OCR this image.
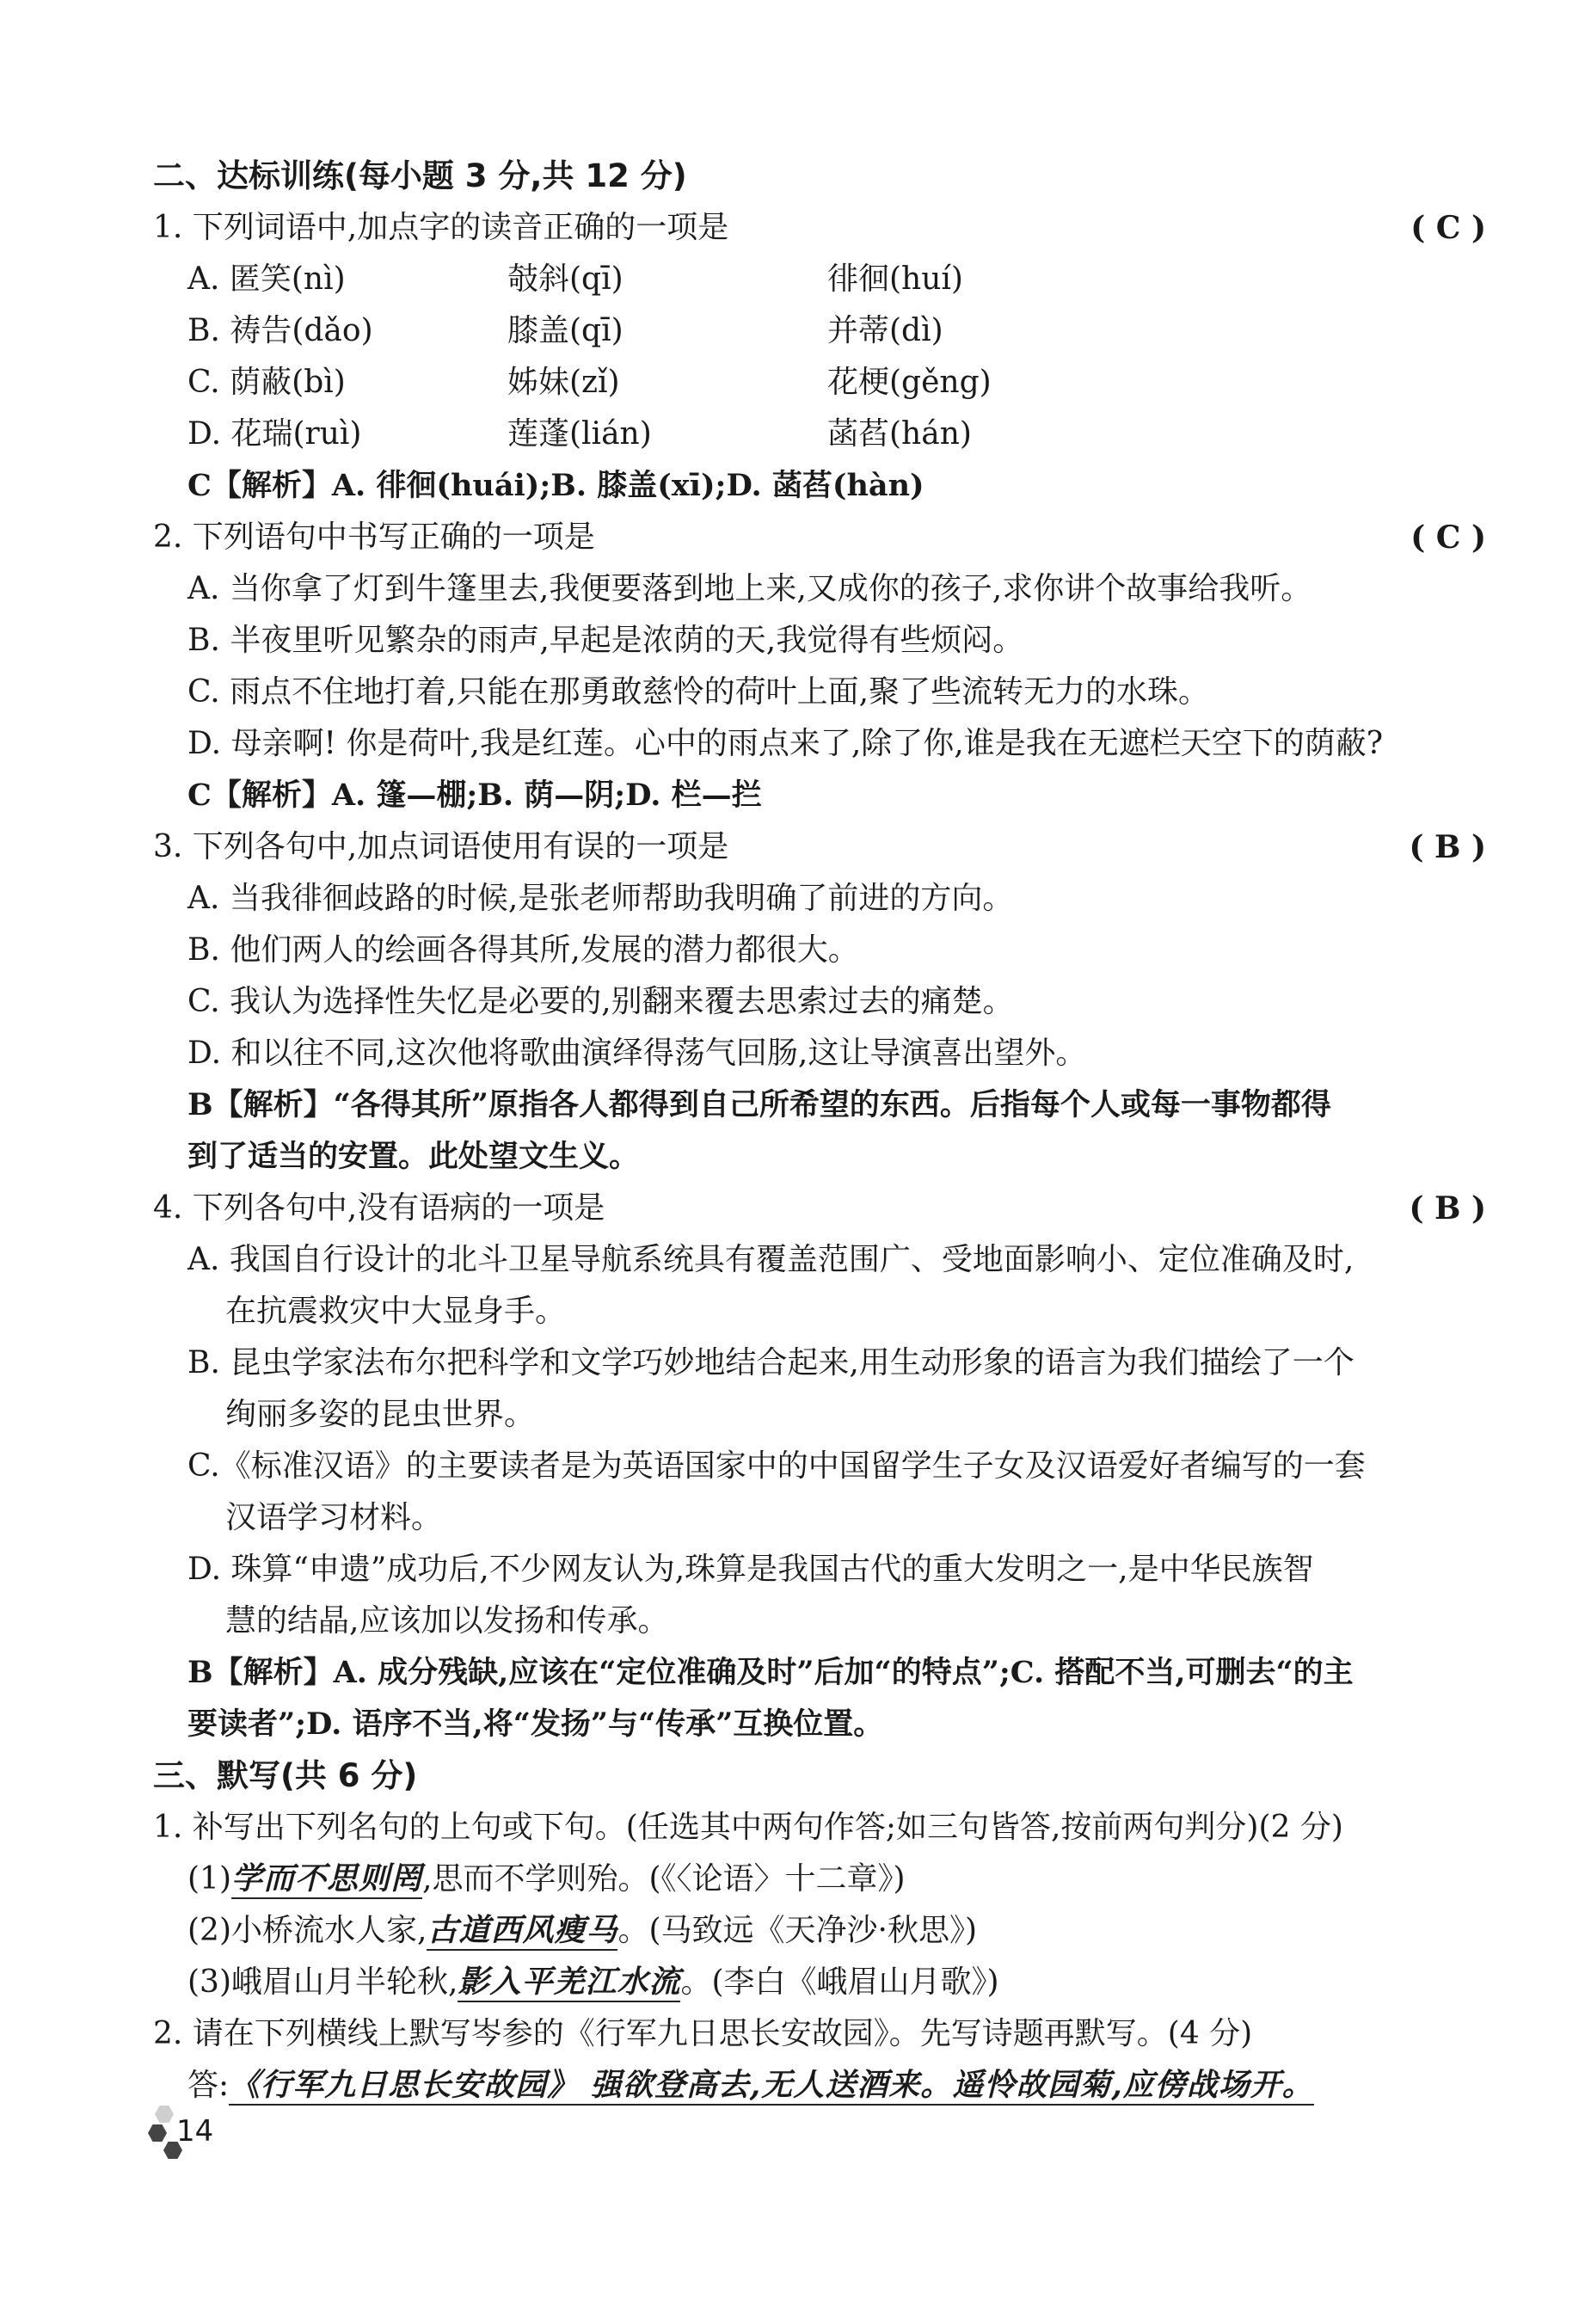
二、达标训练(每小题 3 分,共 12 分)
1. 下列词语中,加点字的读音正确的一项是	( C )
A. 匿笑(nì)	攲斜(qī)	徘徊(huí)
B. 祷告(dǎo)	膝盖(qī)	并蒂(dì)
C. 荫蔽(bì)	姊妹(zǐ)	花梗(gěng)
D. 花瑞(ruì)	莲蓬(lián)	菡萏(hán)
C【解析】A. 徘徊(huái);B. 膝盖(xī);D. 菡萏(hàn)
2. 下列语句中书写正确的一项是	( C )
A. 当你拿了灯到牛篷里去,我便要落到地上来,又成你的孩子,求你讲个故事给我听。
B. 半夜里听见繁杂的雨声,早起是浓荫的天,我觉得有些烦闷。
C. 雨点不住地打着,只能在那勇敢慈怜的荷叶上面,聚了些流转无力的水珠。
D. 母亲啊! 你是荷叶,我是红莲。心中的雨点来了,除了你,谁是我在无遮栏天空下的荫蔽?
C【解析】A. 篷—棚;B. 荫—阴;D. 栏—拦
3. 下列各句中,加点词语使用有误的一项是	( B )
A. 当我徘徊歧路的时候,是张老师帮助我明确了前进的方向。
B. 他们两人的绘画各得其所,发展的潜力都很大。
C. 我认为选择性失忆是必要的,别翻来覆去思索过去的痛楚。
D. 和以往不同,这次他将歌曲演绎得荡气回肠,这让导演喜出望外。
B【解析】“各得其所”原指各人都得到自己所希望的东西。后指每个人或每一事物都得
到了适当的安置。此处望文生义。
4. 下列各句中,没有语病的一项是	( B )
A. 我国自行设计的北斗卫星导航系统具有覆盖范围广、受地面影响小、定位准确及时,
在抗震救灾中大显身手。
B. 昆虫学家法布尔把科学和文学巧妙地结合起来,用生动形象的语言为我们描绘了一个
绚丽多姿的昆虫世界。
C.《标准汉语》的主要读者是为英语国家中的中国留学生子女及汉语爱好者编写的一套
汉语学习材料。
D. 珠算“申遗”成功后,不少网友认为,珠算是我国古代的重大发明之一,是中华民族智
慧的结晶,应该加以发扬和传承。
B【解析】A. 成分残缺,应该在“定位准确及时”后加“的特点”;C. 搭配不当,可删去“的主
要读者”;D. 语序不当,将“发扬”与“传承”互换位置。
三、默写(共 6 分)
1. 补写出下列名句的上句或下句。(任选其中两句作答;如三句皆答,按前两句判分)(2 分)
(1)学而不思则罔,思而不学则殆。(《〈论语〉十二章》)
(2)小桥流水人家,古道西风瘦马。(马致远《天净沙·秋思》)
(3)峨眉山月半轮秋,影入平羌江水流。(李白《峨眉山月歌》)
2. 请在下列横线上默写岑参的《行军九日思长安故园》。先写诗题再默写。(4 分)
答:《行军九日思长安故园》 强欲登高去,无人送酒来。遥怜故园菊,应傍战场开。
14
